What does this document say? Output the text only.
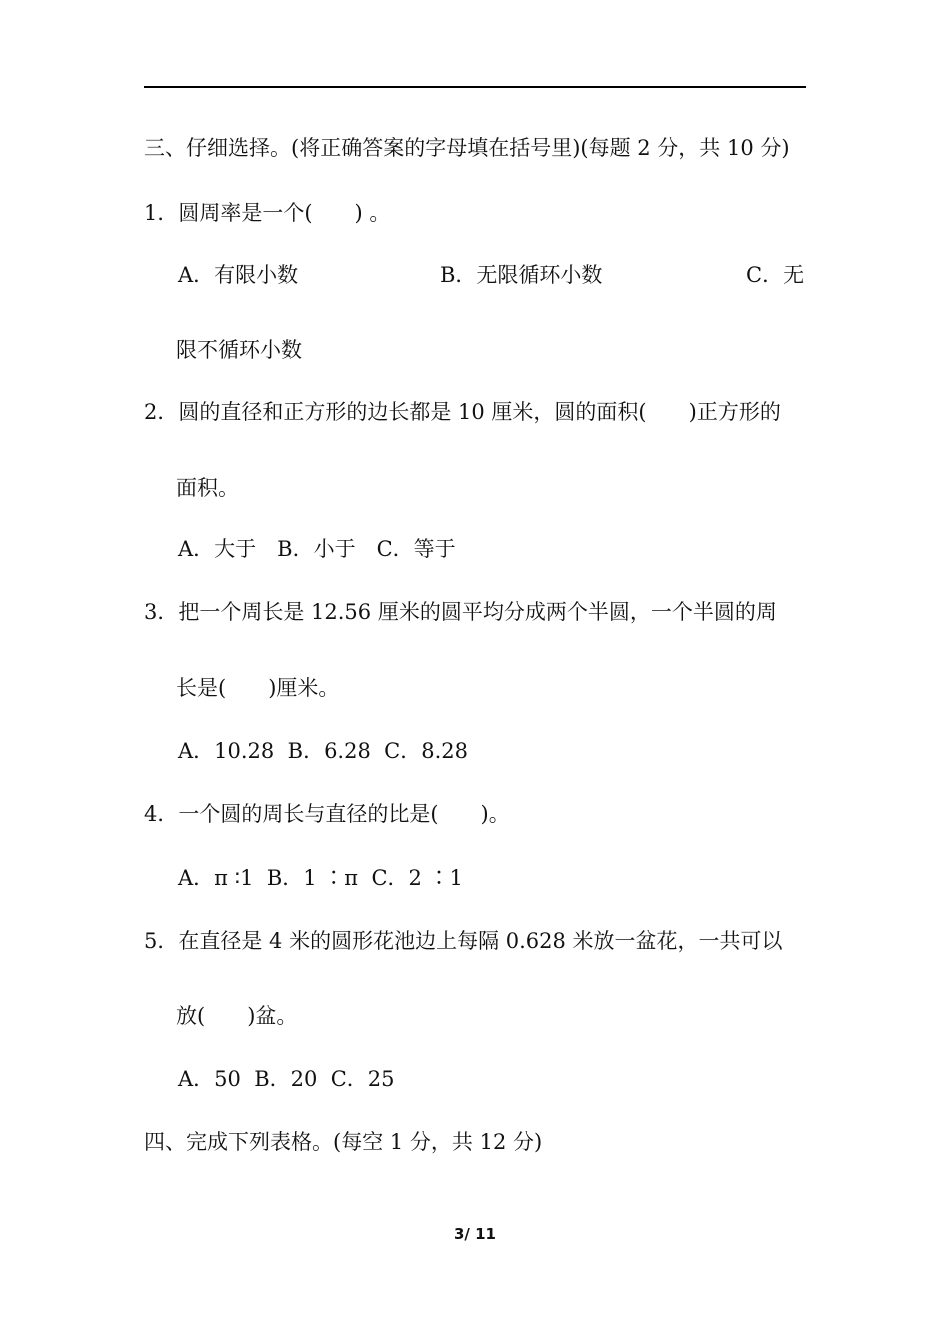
三、仔细选择。(将正确答案的字母填在括号里)(每题 2 分，共 10 分)
1．圆周率是一个(　　) 。
A．有限小数	B．无限循环小数	C．无
限不循环小数
2．圆的直径和正方形的边长都是 10 厘米，圆的面积(　　)正方形的
面积。
A．大于　B．小于　C．等于
3．把一个周长是 12.56 厘米的圆平均分成两个半圆，一个半圆的周
长是(　　)厘米。
A．10.28  B．6.28  C．8.28
4．一个圆的周长与直径的比是(　　)。
A．π ∶1  B．1 ∶π  C．2 ∶1
5．在直径是 4 米的圆形花池边上每隔 0.628 米放一盆花，一共可以
放(　　)盆。
A．50  B．20  C．25
四、完成下列表格。(每空 1 分，共 12 分)
3/ 11
